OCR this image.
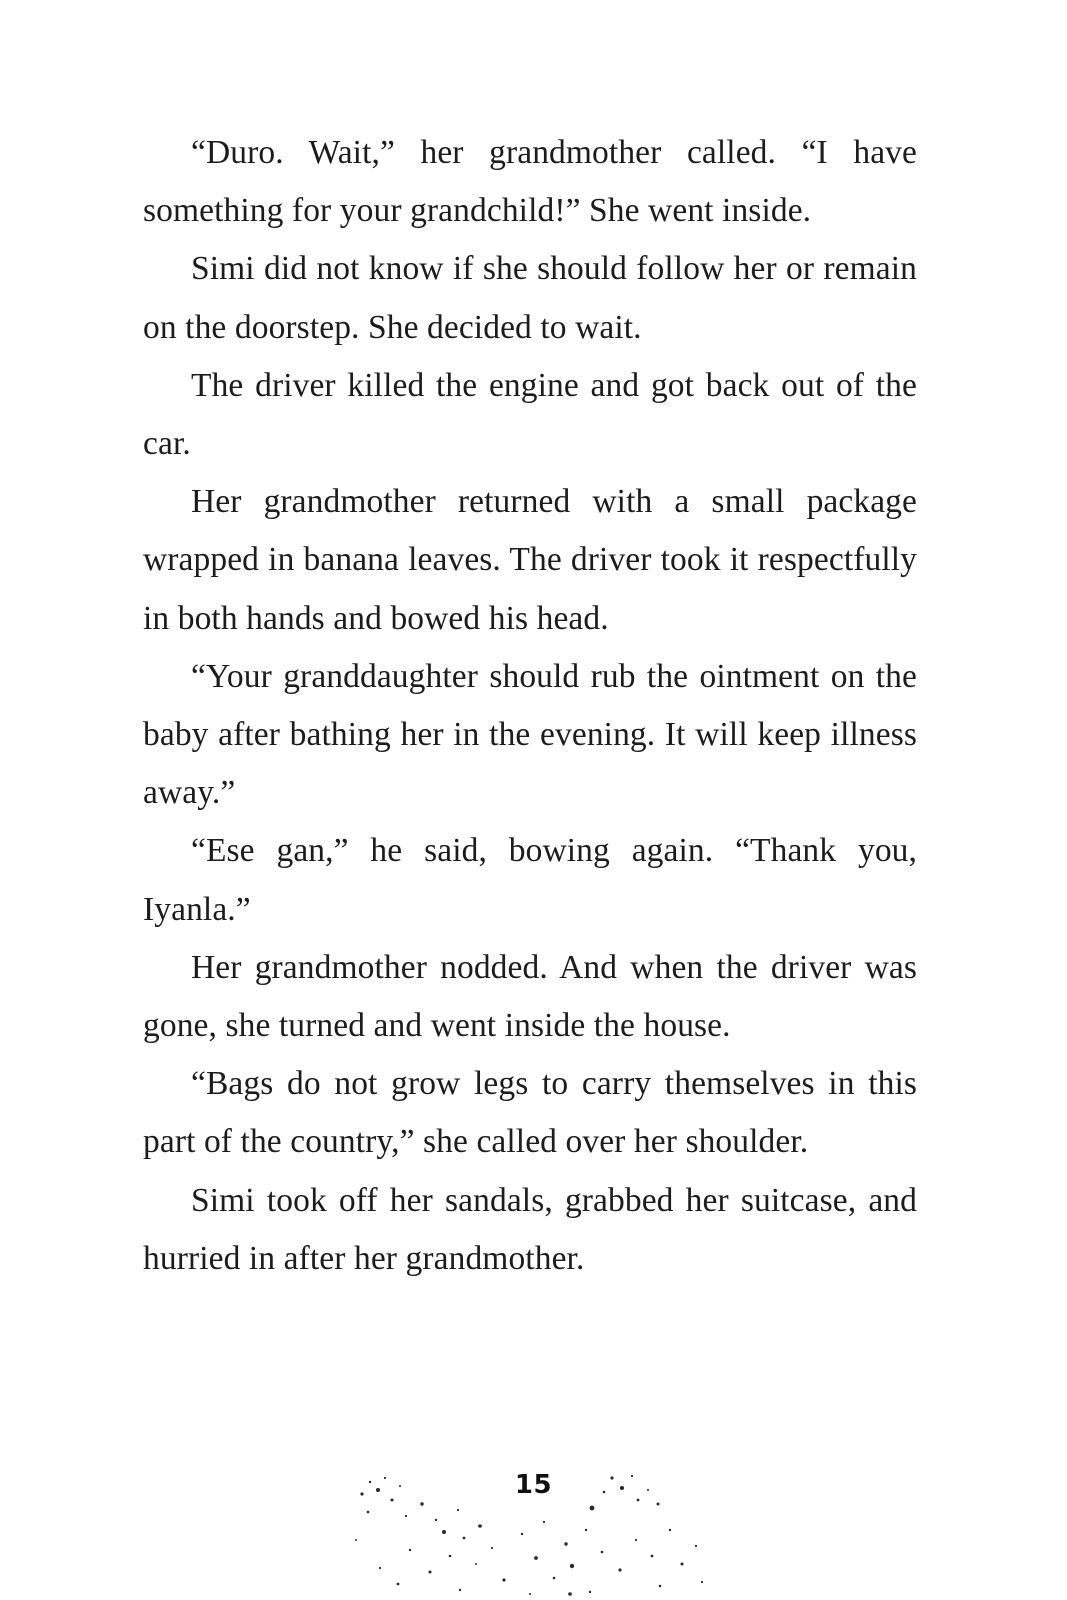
“Duro. Wait,” her grandmother called. “I have something for your grandchild!” She went inside.

Simi did not know if she should follow her or remain on the doorstep. She decided to wait.

The driver killed the engine and got back out of the car.

Her grandmother returned with a small package wrapped in banana leaves. The driver took it respectfully in both hands and bowed his head.

“Your granddaughter should rub the ointment on the baby after bathing her in the evening. It will keep illness away.”

“Ese gan,” he said, bowing again. “Thank you, Iyanla.”

Her grandmother nodded. And when the driver was gone, she turned and went inside the house.

“Bags do not grow legs to carry themselves in this part of the country,” she called over her shoulder.

Simi took off her sandals, grabbed her suitcase, and hurried in after her grandmother.

15
